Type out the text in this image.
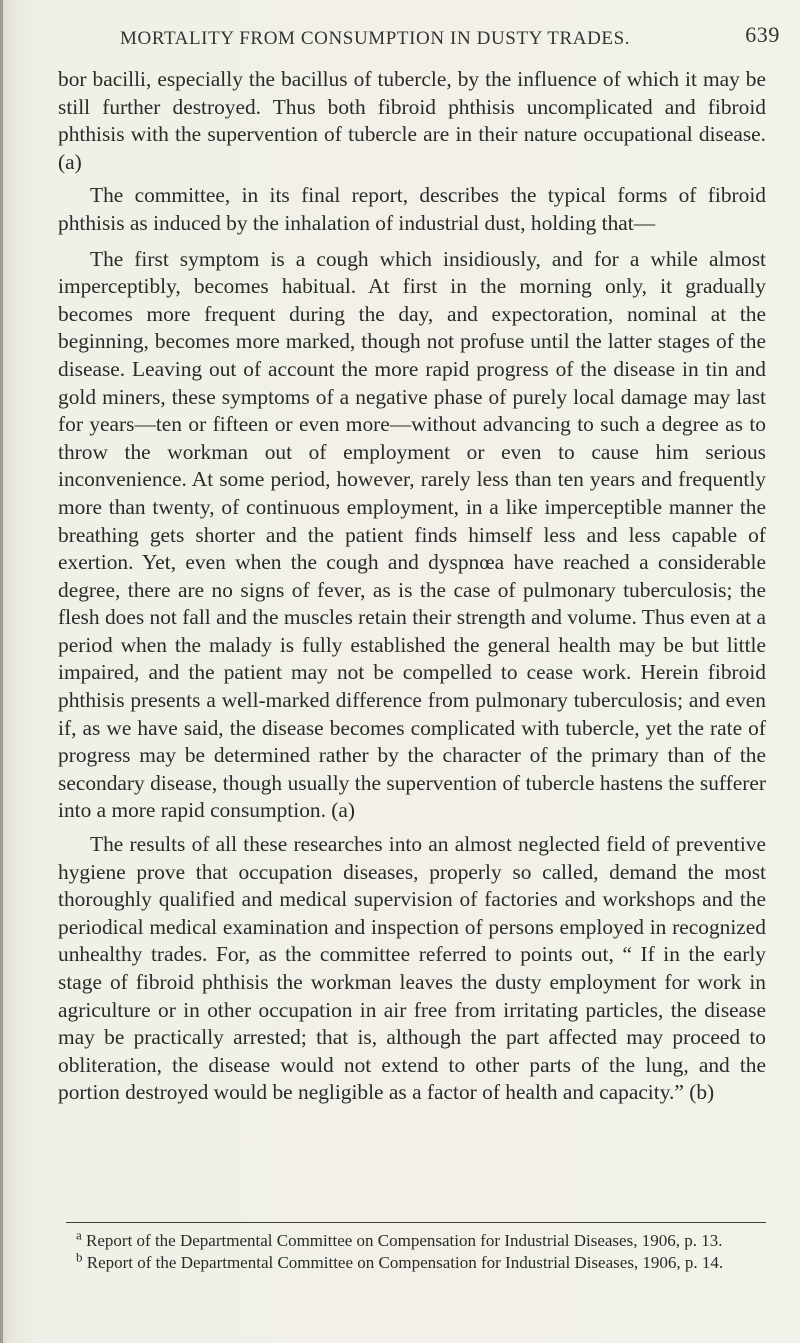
MORTALITY FROM CONSUMPTION IN DUSTY TRADES.	639

bor bacilli, especially the bacillus of tubercle, by the influence of which it may be still further destroyed. Thus both fibroid phthisis uncomplicated and fibroid phthisis with the supervention of tubercle are in their nature occupational disease. (a)

The committee, in its final report, describes the typical forms of fibroid phthisis as induced by the inhalation of industrial dust, holding that—

The first symptom is a cough which insidiously, and for a while almost imperceptibly, becomes habitual. At first in the morning only, it gradually becomes more frequent during the day, and expectoration, nominal at the beginning, becomes more marked, though not profuse until the latter stages of the disease. Leaving out of account the more rapid progress of the disease in tin and gold miners, these symptoms of a negative phase of purely local damage may last for years—ten or fifteen or even more—without advancing to such a degree as to throw the workman out of employment or even to cause him serious inconvenience. At some period, however, rarely less than ten years and frequently more than twenty, of continuous employment, in a like imperceptible manner the breathing gets shorter and the patient finds himself less and less capable of exertion. Yet, even when the cough and dyspnœa have reached a considerable degree, there are no signs of fever, as is the case of pulmonary tuberculosis; the flesh does not fall and the muscles retain their strength and volume. Thus even at a period when the malady is fully established the general health may be but little impaired, and the patient may not be compelled to cease work. Herein fibroid phthisis presents a well-marked difference from pulmonary tuberculosis; and even if, as we have said, the disease becomes complicated with tubercle, yet the rate of progress may be determined rather by the character of the primary than of the secondary disease, though usually the supervention of tubercle hastens the sufferer into a more rapid consumption. (a)

The results of all these researches into an almost neglected field of preventive hygiene prove that occupation diseases, properly so called, demand the most thoroughly qualified and medical supervision of factories and workshops and the periodical medical examination and inspection of persons employed in recognized unhealthy trades. For, as the committee referred to points out, “ If in the early stage of fibroid phthisis the workman leaves the dusty employment for work in agriculture or in other occupation in air free from irritating particles, the disease may be practically arrested; that is, although the part affected may proceed to obliteration, the disease would not extend to other parts of the lung, and the portion destroyed would be negligible as a factor of health and capacity.” (b)

$^a$ Report of the Departmental Committee on Compensation for Industrial Diseases, 1906, p. 13.

$^b$ Report of the Departmental Committee on Compensation for Industrial Diseases, 1906, p. 14.
